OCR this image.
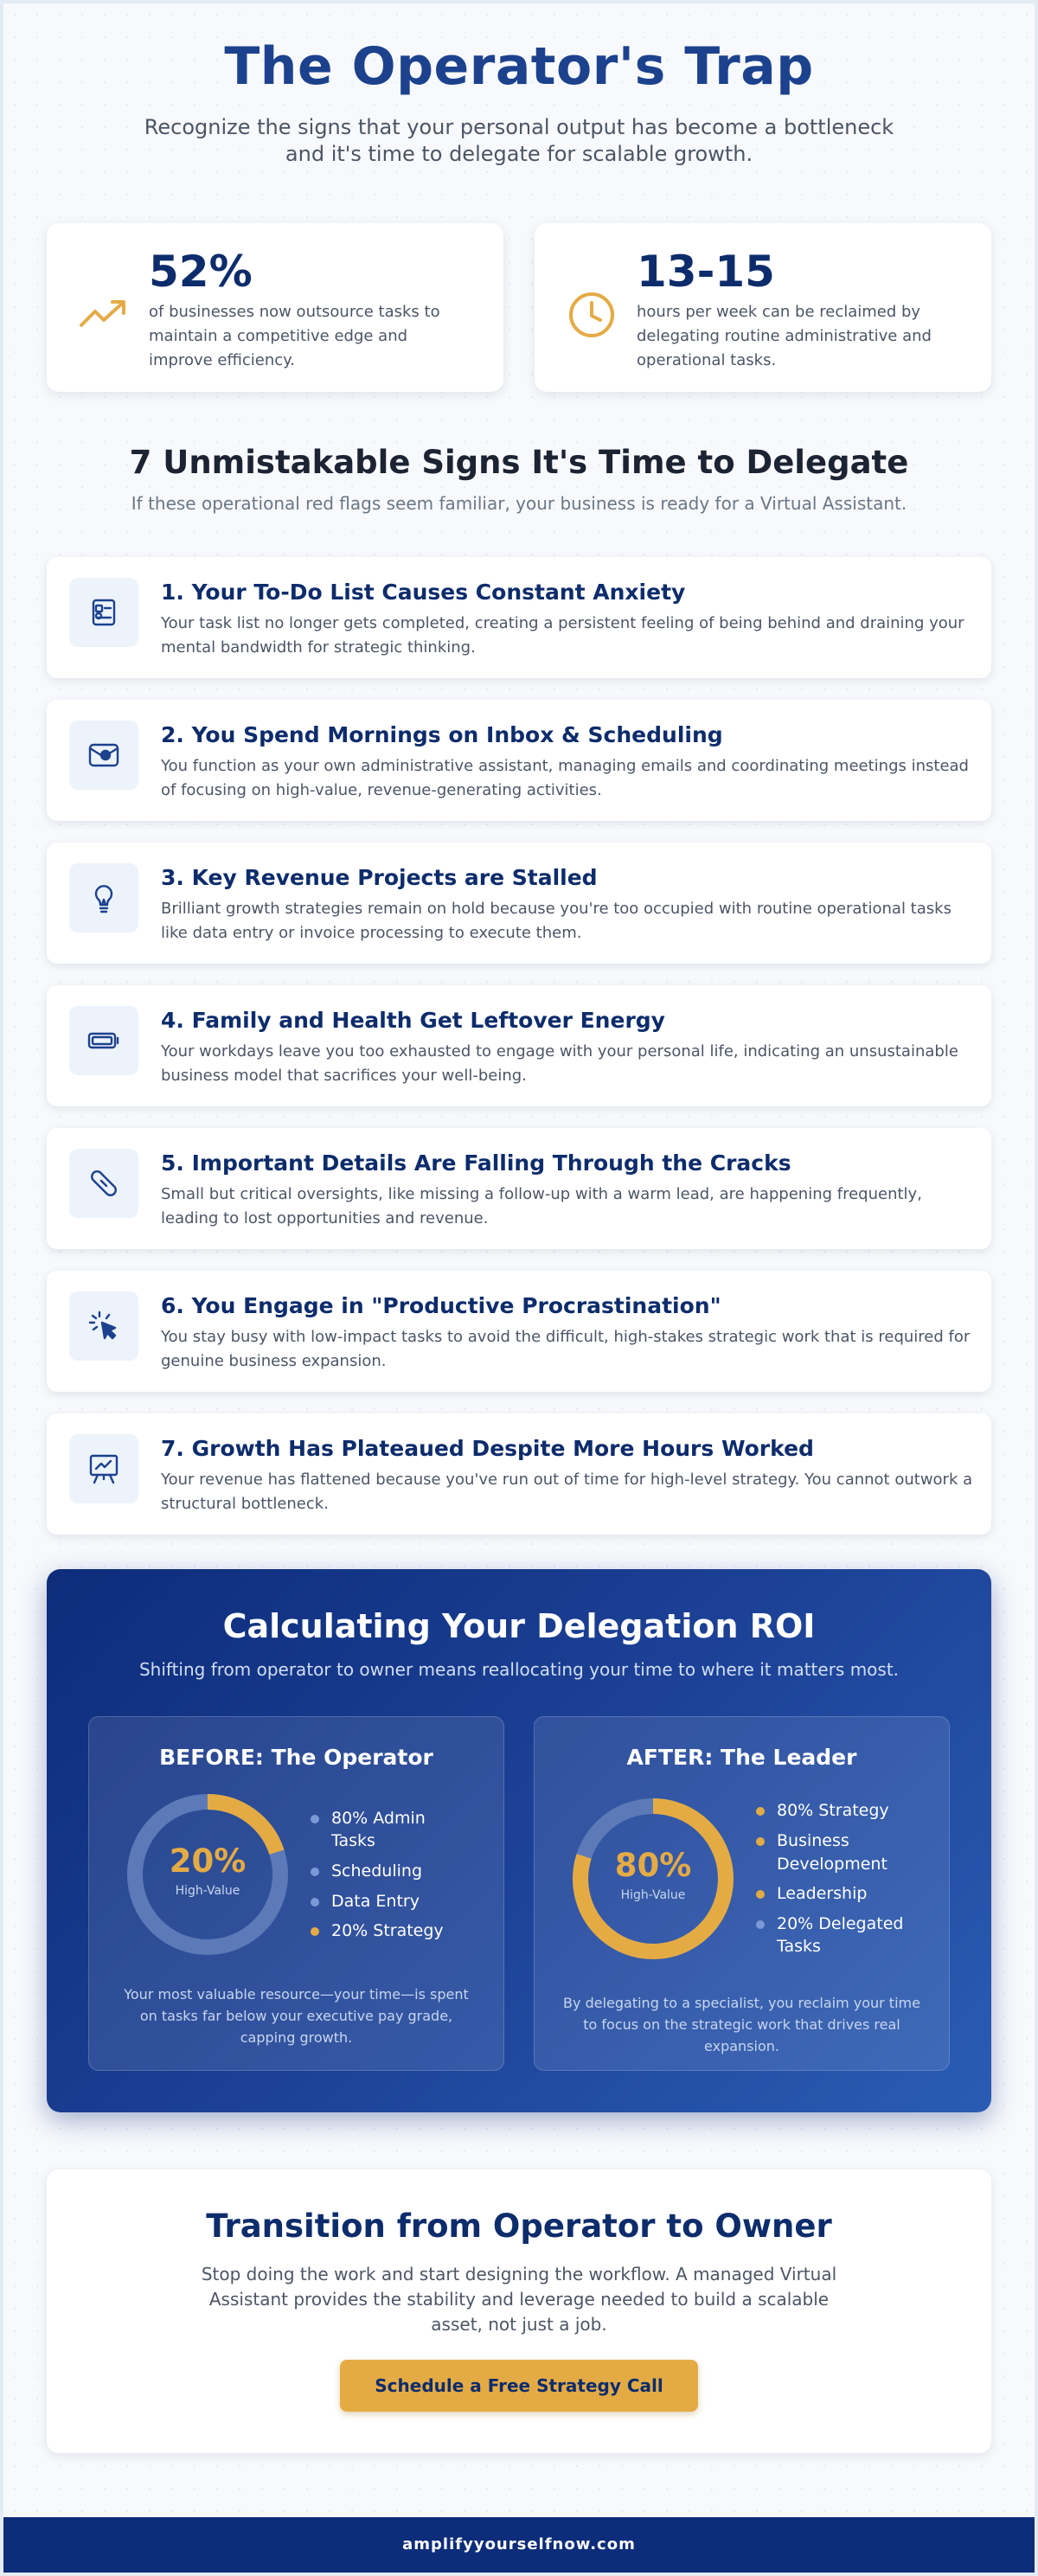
The Operator's Trap

Recognize the signs that your personal output has become a bottleneck and it's time to delegate for scalable growth.

52%
of businesses now outsource tasks to maintain a competitive edge and improve efficiency.
13-15
hours per week can be reclaimed by delegating routine administrative and operational tasks.
7 Unmistakable Signs It's Time to Delegate

If these operational red flags seem familiar, your business is ready for a Virtual Assistant.

1. Your To-Do List Causes Constant Anxiety
Your task list no longer gets completed, creating a persistent feeling of being behind and draining your mental bandwidth for strategic thinking.
2. You Spend Mornings on Inbox & Scheduling
You function as your own administrative assistant, managing emails and coordinating meetings instead of focusing on high-value, revenue-generating activities.
3. Key Revenue Projects are Stalled
Brilliant growth strategies remain on hold because you're too occupied with routine operational tasks like data entry or invoice processing to execute them.
4. Family and Health Get Leftover Energy
Your workdays leave you too exhausted to engage with your personal life, indicating an unsustainable business model that sacrifices your well-being.
5. Important Details Are Falling Through the Cracks
Small but critical oversights, like missing a follow-up with a warm lead, are happening frequently, leading to lost opportunities and revenue.
6. You Engage in "Productive Procrastination"
You stay busy with low-impact tasks to avoid the difficult, high-stakes strategic work that is required for genuine business expansion.
7. Growth Has Plateaued Despite More Hours Worked
Your revenue has flattened because you've run out of time for high-level strategy. You cannot outwork a structural bottleneck.
Calculating Your Delegation ROI

Shifting from operator to owner means reallocating your time to where it matters most.

BEFORE: The Operator
20%
High-Value
80% Admin Tasks
Scheduling
Data Entry
20% Strategy

Your most valuable resource—your time—is spent on tasks far below your executive pay grade, capping growth.

AFTER: The Leader
80%
High-Value
80% Strategy
Business Development
Leadership
20% Delegated Tasks

By delegating to a specialist, you reclaim your time to focus on the strategic work that drives real expansion.

Transition from Operator to Owner

Stop doing the work and start designing the workflow. A managed Virtual Assistant provides the stability and leverage needed to build a scalable asset, not just a job.

Schedule a Free Strategy Call
amplifyyourselfnow.com
